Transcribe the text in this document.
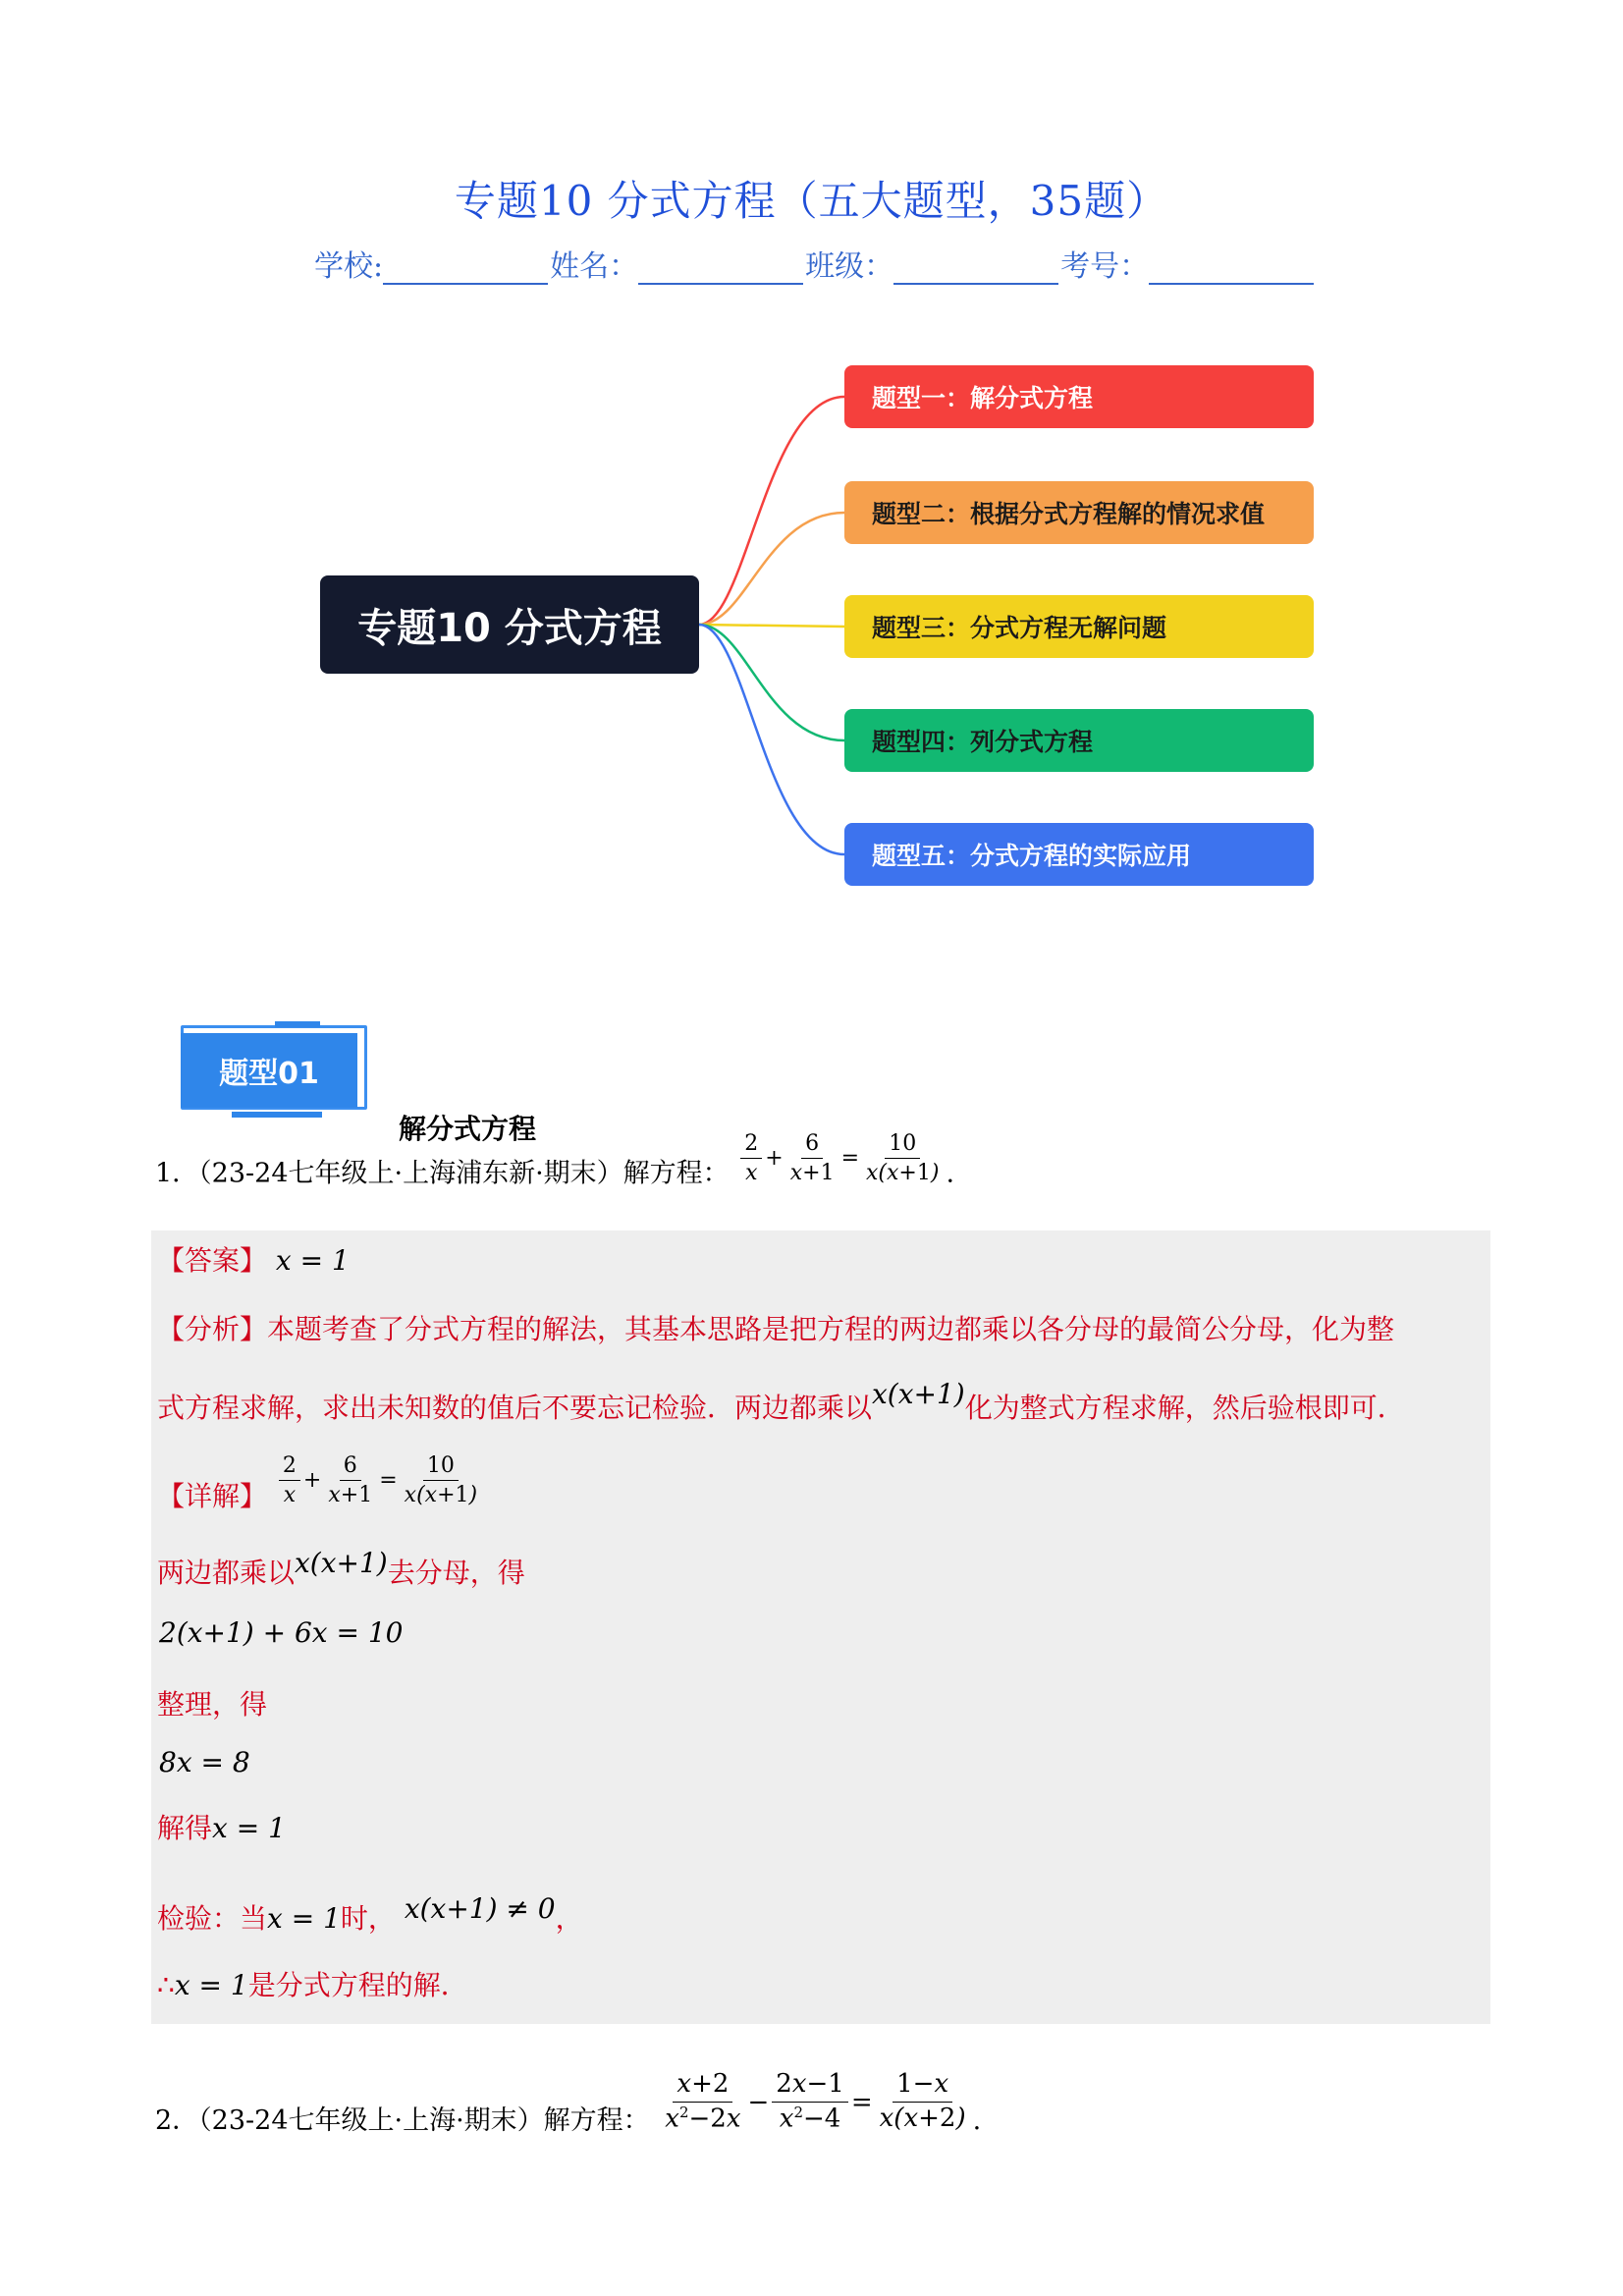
专题10 分式方程（五大题型，35题）
学校:	姓名：	班级：	考号：
专题10 分式方程
题型一：解分式方程
题型二：根据分式方程解的情况求值
题型三：分式方程无解问题
题型四：列分式方程
题型五：分式方程的实际应用
题型01
解分式方程
1．（23-24七年级上·上海浦东新·期末）解方程： $\frac{2}{x} + \frac{6}{x+1} = \frac{10}{x(x+1)}$ .
【答案】 x = 1
【分析】本题考查了分式方程的解法，其基本思路是把方程的两边都乘以各分母的最简公分母，化为整
式方程求解，求出未知数的值后不要忘记检验．两边都乘以x(x+1)化为整式方程求解，然后验根即可．
【详解】 $\frac{2}{x} + \frac{6}{x+1} = \frac{10}{x(x+1)}$
两边都乘以x(x+1)去分母，得
2(x+1) + 6x = 10
整理，得
8x = 8
解得x = 1
检验：当x = 1时， x(x+1) ≠ 0，
∴x = 1是分式方程的解．
2．（23-24七年级上·上海·期末）解方程： $\frac{x+2}{x^2-2x} - \frac{2x-1}{x^2-4} = \frac{1-x}{x(x+2)}$ .
